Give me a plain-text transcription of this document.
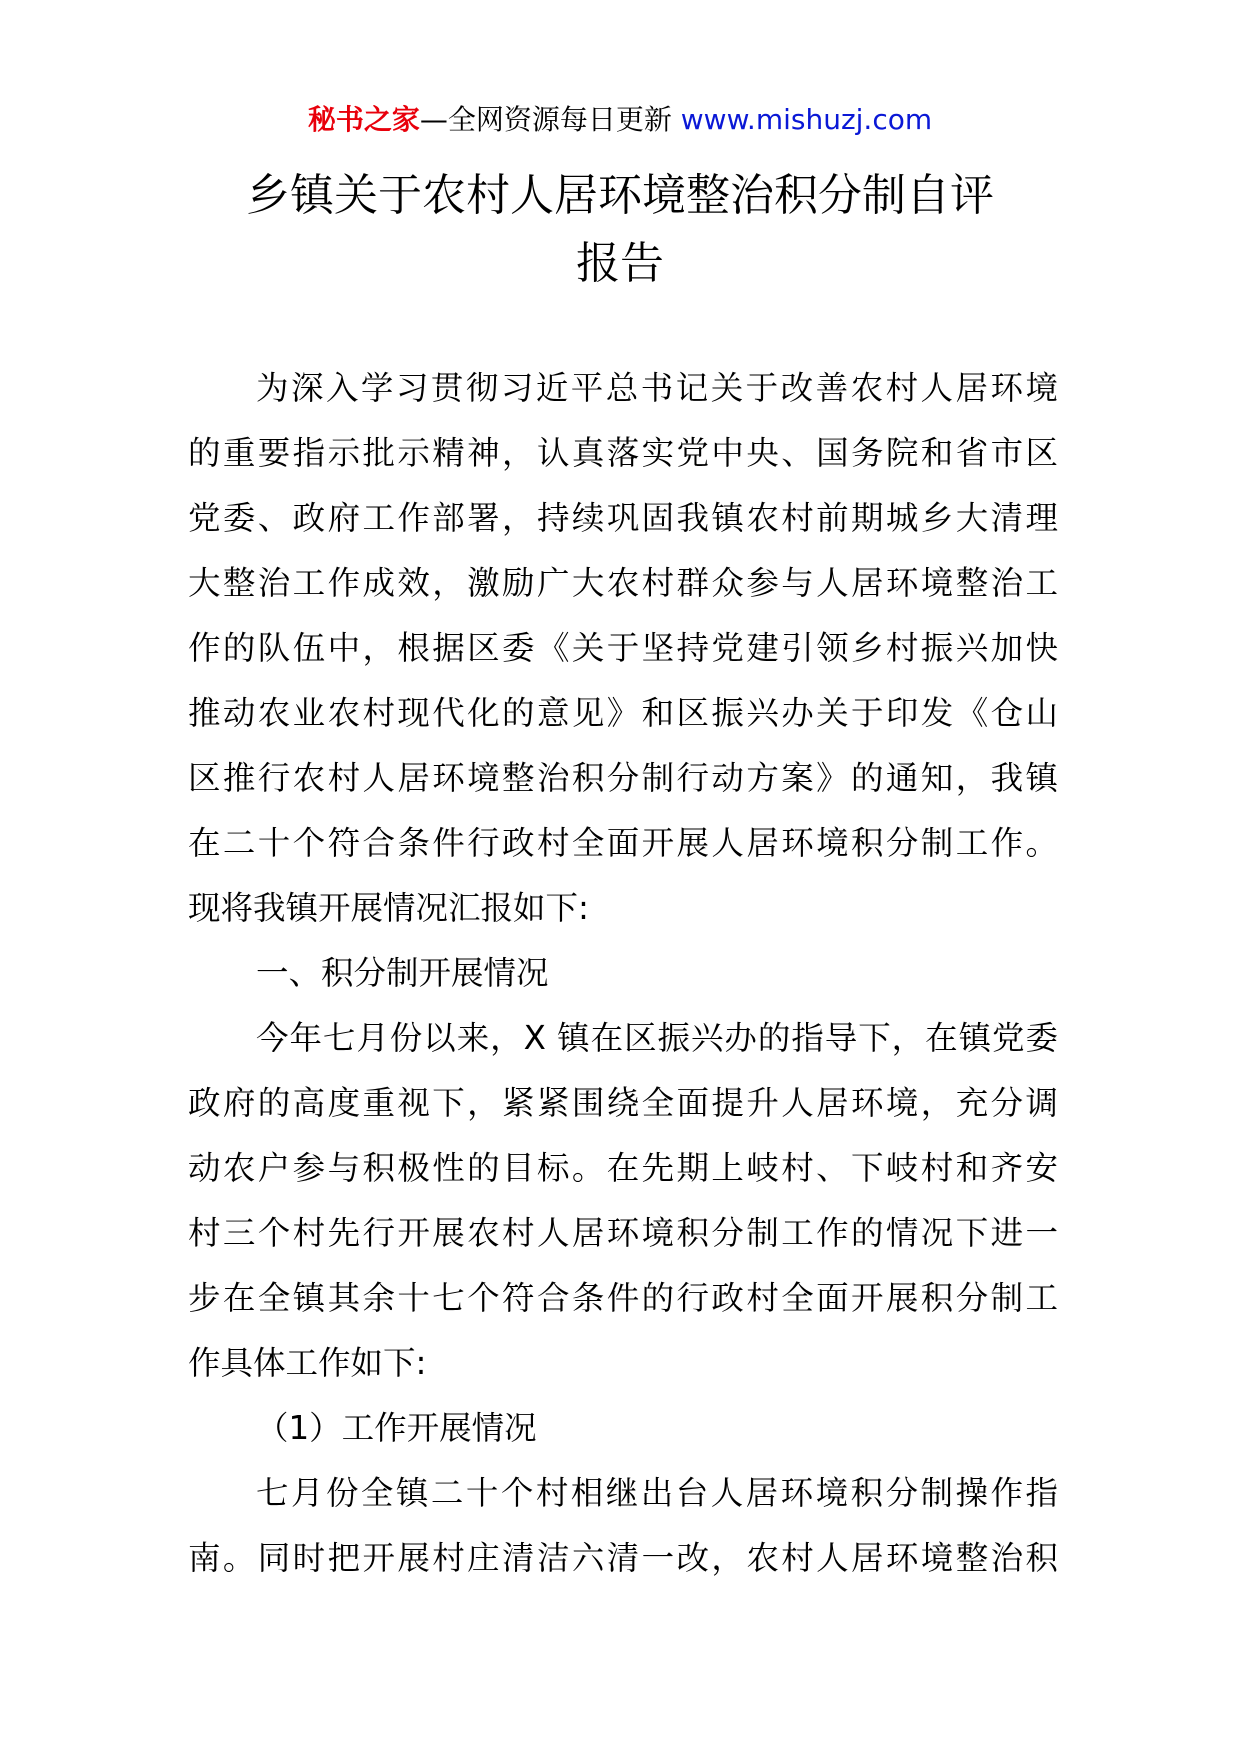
秘书之家—全网资源每日更新 www.mishuzj.com
乡镇关于农村人居环境整治积分制自评
报告
为深入学习贯彻习近平总书记关于改善农村人居环境
的重要指示批示精神，认真落实党中央、国务院和省市区
党委、政府工作部署，持续巩固我镇农村前期城乡大清理
大整治工作成效，激励广大农村群众参与人居环境整治工
作的队伍中，根据区委《关于坚持党建引领乡村振兴加快
推动农业农村现代化的意见》和区振兴办关于印发《仓山
区推行农村人居环境整治积分制行动方案》的通知，我镇
在二十个符合条件行政村全面开展人居环境积分制工作。
现将我镇开展情况汇报如下:
一、积分制开展情况
今年七月份以来，X 镇在区振兴办的指导下，在镇党委
政府的高度重视下，紧紧围绕全面提升人居环境，充分调
动农户参与积极性的目标。在先期上岐村、下岐村和齐安
村三个村先行开展农村人居环境积分制工作的情况下进一
步在全镇其余十七个符合条件的行政村全面开展积分制工
作具体工作如下:
（1）工作开展情况
七月份全镇二十个村相继出台人居环境积分制操作指
南。同时把开展村庄清洁六清一改，农村人居环境整治积
